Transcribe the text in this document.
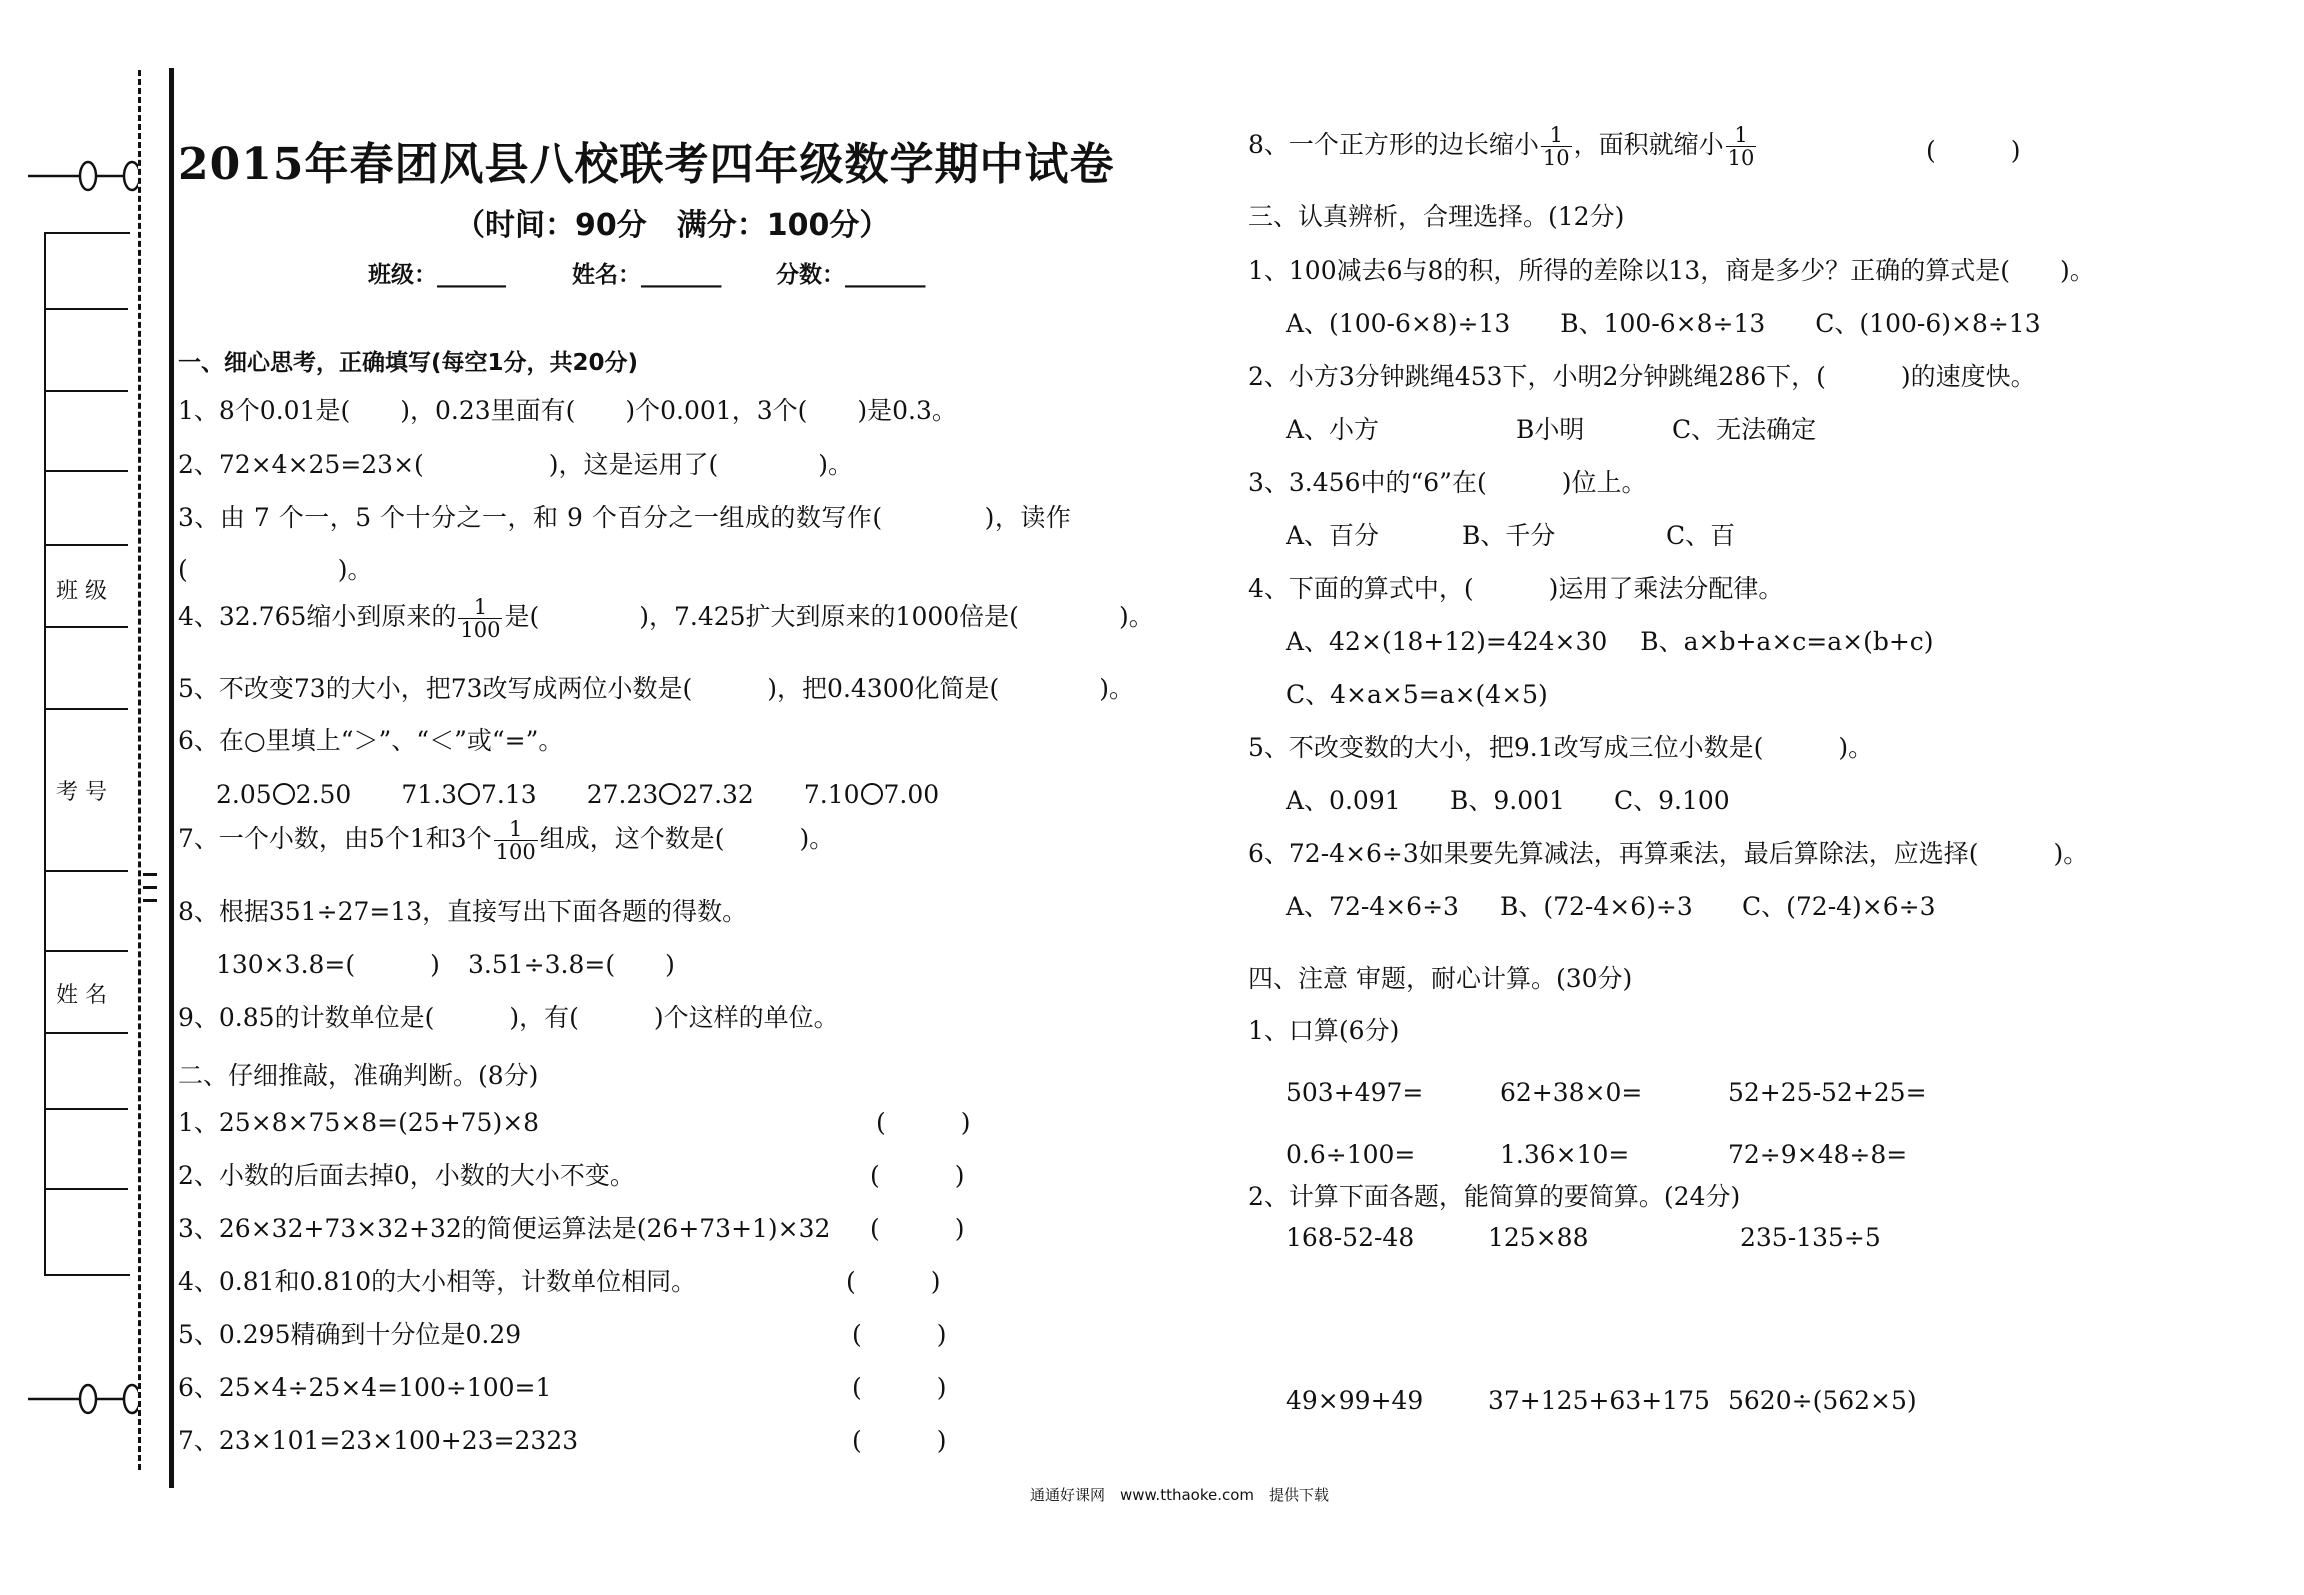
班 级
考 号
姓 名
2015年春团风县八校联考四年级数学期中试卷
（时间：90分　满分：100分）
班级：______	姓名：_______ 分数：_______
一、细心思考，正确填写(每空1分，共20分)
1、8个0.01是(　　)，0.23里面有(　　)个0.001，3个(　　)是0.3。
2、72×4×25=23×(　　　　　)，这是运用了(　　　　)。
3、由 7 个一，5 个十分之一，和 9 个百分之一组成的数写作(　　　　)，读作
(　　　　　　)。
4、32.765缩小到原来的 $\frac{1}{100}$ 是(　　　　)，7.425扩大到原来的1000倍是(　　　　)。
5、不改变73的大小，把73改写成两位小数是(　　　)，把0.4300化简是(　　　　)。
6、在○里填上“＞”、“＜”或“=”。
2.05 2.50 71.3 7.13 27.23 27.32 7.10 7.00
7、一个小数，由5个1和3个 $\frac{1}{100}$ 组成，这个数是(　　　)。
8、根据351÷27=13，直接写出下面各题的得数。
130×3.8=(　　　) 3.51÷3.8=(　　)
9、0.85的计数单位是(　　　)，有(　　　)个这样的单位。
二、仔细推敲，准确判断。(8分)
1、25×8×75×8=(25+75)×8	(　　　)
2、小数的后面去掉0，小数的大小不变。	(　　　)
3、26×32+73×32+32的简便运算法是(26+73+1)×32 (　　　)
4、0.81和0.810的大小相等，计数单位相同。	(　　　)
5、0.295精确到十分位是0.29	(　　　)
6、25×4÷25×4=100÷100=1	(　　　)
7、23×101=23×100+23=2323	(　　　)
8、一个正方形的边长缩小 $\frac{1}{10}$ ，面积就缩小 $\frac{1}{10}$	(　　　)
三、认真辨析，合理选择。(12分)
1、100减去6与8的积，所得的差除以13，商是多少？正确的算式是(　　)。
A、(100-6×8)÷13　　B、100-6×8÷13　　C、(100-6)×8÷13
2、小方3分钟跳绳453下，小明2分钟跳绳286下，(　　　)的速度快。
A、小方	B小明	C、无法确定
3、3.456中的“6”在(　　　)位上。
A、百分	B、千分	C、百
4、下面的算式中，(　　　)运用了乘法分配律。
A、42×(18+12)=424×30　 B、a×b+a×c=a×(b+c)
C、4×a×5=a×(4×5)
5、不改变数的大小，把9.1改写成三位小数是(　　　)。
A、0.091 B、9.001 C、9.100
6、72-4×6÷3如果要先算减法，再算乘法，最后算除法，应选择(　　　)。
A、72-4×6÷3 B、(72-4×6)÷3 C、(72-4)×6÷3
四、注意 审题，耐心计算。(30分)
1、口算(6分)
503+497=	62+38×0=	52+25-52+25=
0.6÷100=	1.36×10=	72÷9×48÷8=
2、计算下面各题，能简算的要简算。(24分)
168-52-48	125×88	235-135÷5
49×99+49	37+125+63+175 5620÷(562×5)
通通好课网　www.tthaoke.com　提供下载
